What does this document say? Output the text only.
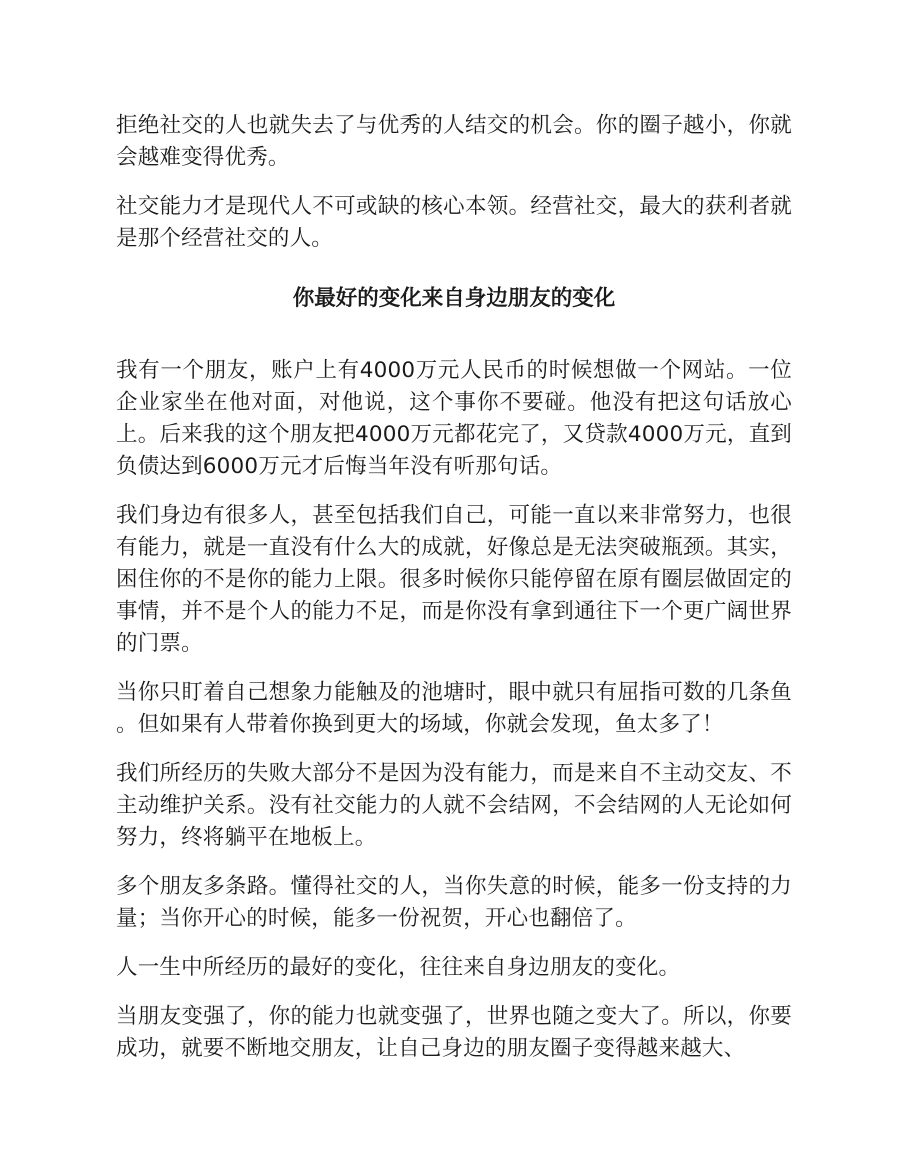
拒绝社交的人也就失去了与优秀的人结交的机会。你的圈子越小，你就会越难变得优秀。

社交能力才是现代人不可或缺的核心本领。经营社交，最大的获利者就是那个经营社交的人。

你最好的变化来自身边朋友的变化

我有一个朋友，账户上有4000万元人民币的时候想做一个网站。一位企业家坐在他对面，对他说，这个事你不要碰。他没有把这句话放心上。后来我的这个朋友把4000万元都花完了，又贷款4000万元，直到负债达到6000万元才后悔当年没有听那句话。

我们身边有很多人，甚至包括我们自己，可能一直以来非常努力，也很有能力，就是一直没有什么大的成就，好像总是无法突破瓶颈。其实，困住你的不是你的能力上限。很多时候你只能停留在原有圈层做固定的事情，并不是个人的能力不足，而是你没有拿到通往下一个更广阔世界的门票。

当你只盯着自己想象力能触及的池塘时，眼中就只有屈指可数的几条鱼 。但如果有人带着你换到更大的场域，你就会发现，鱼太多了！

我们所经历的失败大部分不是因为没有能力，而是来自不主动交友、不主动维护关系。没有社交能力的人就不会结网，不会结网的人无论如何努力，终将躺平在地板上。

多个朋友多条路。懂得社交的人，当你失意的时候，能多一份支持的力量；当你开心的时候，能多一份祝贺，开心也翻倍了。

人一生中所经历的最好的变化，往往来自身边朋友的变化。

当朋友变强了，你的能力也就变强了，世界也随之变大了。所以，你要成功，就要不断地交朋友，让自己身边的朋友圈子变得越来越大、
